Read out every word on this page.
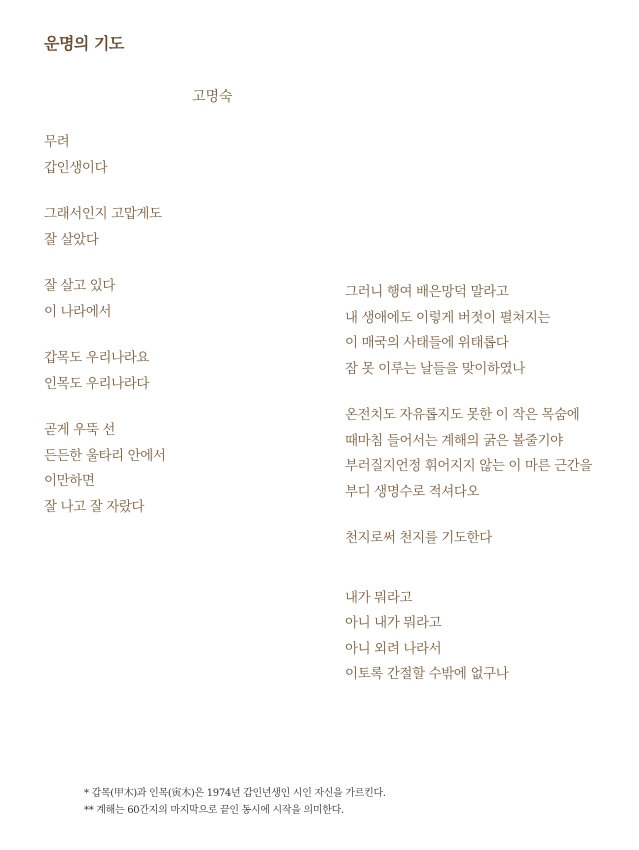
운명의 기도
고명숙
무려
갑인생이다
그래서인지 고맙게도
잘 살았다
잘 살고 있다
이 나라에서
갑목도 우리나라요
인목도 우리나라다
곧게 우뚝 선
든든한 울타리 안에서
이만하면
잘 나고 잘 자랐다
그러니 행여 배은망덕 말라고
내 생애에도 이렇게 버젓이 펼쳐지는
이 매국의 사태들에 위태롭다
잠 못 이루는 날들을 맞이하였나
온전치도 자유롭지도 못한 이 작은 목숨에
때마침 들어서는 계해의 굵은 볼줄기야
부러질지언정 휘어지지 않는 이 마른 근간을
부디 생명수로 적셔다오
천지로써 천지를 기도한다
내가 뭐라고
아니 내가 뭐라고
아니 외려 나라서
이토록 간절할 수밖에 없구나
* 갑목(甲木)과 인목(寅木)은 1974년 갑인년생인 시인 자신을 가르킨다.
** 계해는 60간지의 마지막으로 끝인 동시에 시작을 의미한다.
